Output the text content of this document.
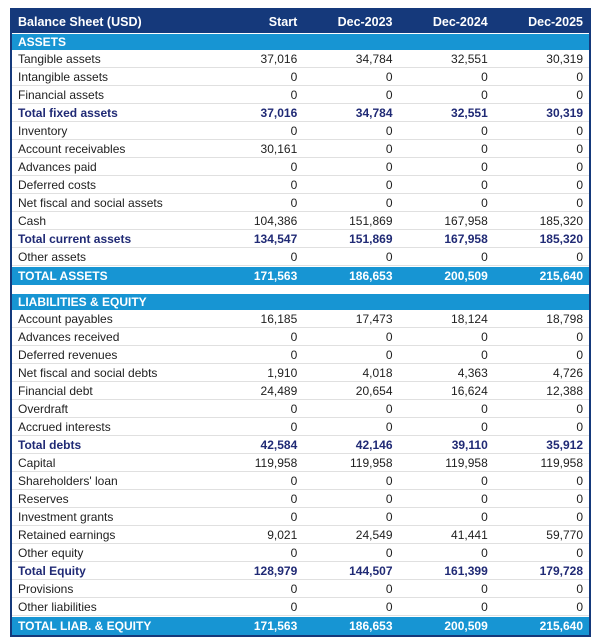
Balance Sheet (USD)	Start	Dec-2023	Dec-2024	Dec-2025
ASSETS
Tangible assets	37,016	34,784	32,551	30,319
Intangible assets	0	0	0	0
Financial assets	0	0	0	0
Total fixed assets	37,016	34,784	32,551	30,319
Inventory	0	0	0	0
Account receivables	30,161	0	0	0
Advances paid	0	0	0	0
Deferred costs	0	0	0	0
Net fiscal and social assets	0	0	0	0
Cash	104,386	151,869	167,958	185,320
Total current assets	134,547	151,869	167,958	185,320
Other assets	0	0	0	0
TOTAL ASSETS	171,563	186,653	200,509	215,640
LIABILITIES & EQUITY
Account payables	16,185	17,473	18,124	18,798
Advances received	0	0	0	0
Deferred revenues	0	0	0	0
Net fiscal and social debts	1,910	4,018	4,363	4,726
Financial debt	24,489	20,654	16,624	12,388
Overdraft	0	0	0	0
Accrued interests	0	0	0	0
Total debts	42,584	42,146	39,110	35,912
Capital	119,958	119,958	119,958	119,958
Shareholders' loan	0	0	0	0
Reserves	0	0	0	0
Investment grants	0	0	0	0
Retained earnings	9,021	24,549	41,441	59,770
Other equity	0	0	0	0
Total Equity	128,979	144,507	161,399	179,728
Provisions	0	0	0	0
Other liabilities	0	0	0	0
TOTAL LIAB. & EQUITY	171,563	186,653	200,509	215,640
